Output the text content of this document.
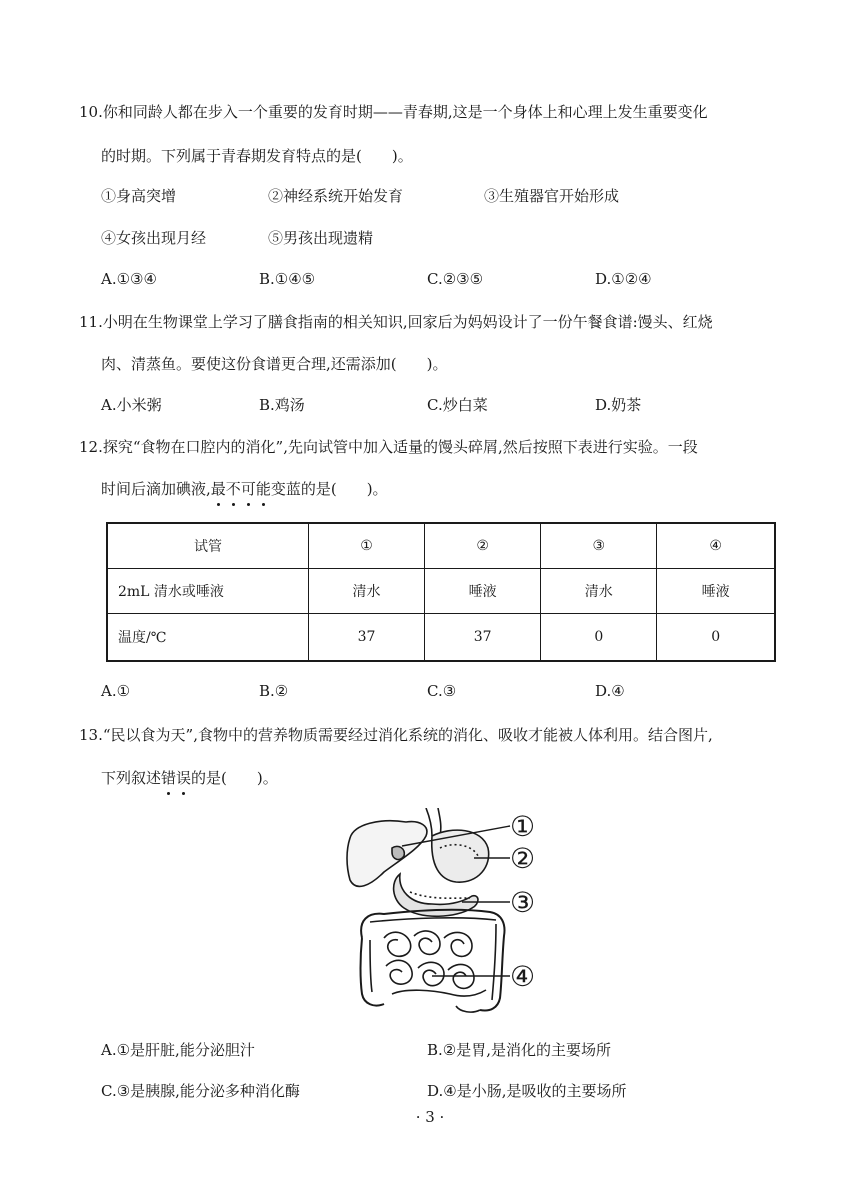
10.你和同龄人都在步入一个重要的发育时期——青春期,这是一个身体上和心理上发生重要变化
的时期。下列属于青春期发育特点的是(　　)。
①身高突增	②神经系统开始发育	③生殖器官开始形成
④女孩出现月经	⑤男孩出现遗精
A.①③④	B.①④⑤	C.②③⑤	D.①②④
11.小明在生物课堂上学习了膳食指南的相关知识,回家后为妈妈设计了一份午餐食谱:馒头、红烧
肉、清蒸鱼。要使这份食谱更合理,还需添加(　　)。
A.小米粥	B.鸡汤	C.炒白菜	D.奶茶
12.探究“食物在口腔内的消化”,先向试管中加入适量的馒头碎屑,然后按照下表进行实验。一段
时间后滴加碘液,最不可能变蓝的是(　　)。
试管	①	②	③	④
2mL 清水或唾液	清水	唾液	清水	唾液
温度/℃	37	37	0	0
A.①	B.②	C.③	D.④
13.“民以食为天”,食物中的营养物质需要经过消化系统的消化、吸收才能被人体利用。结合图片,
下列叙述错误的是(　　)。
①
②
③
④
A.①是肝脏,能分泌胆汁	B.②是胃,是消化的主要场所
C.③是胰腺,能分泌多种消化酶	D.④是小肠,是吸收的主要场所
· 3 ·
